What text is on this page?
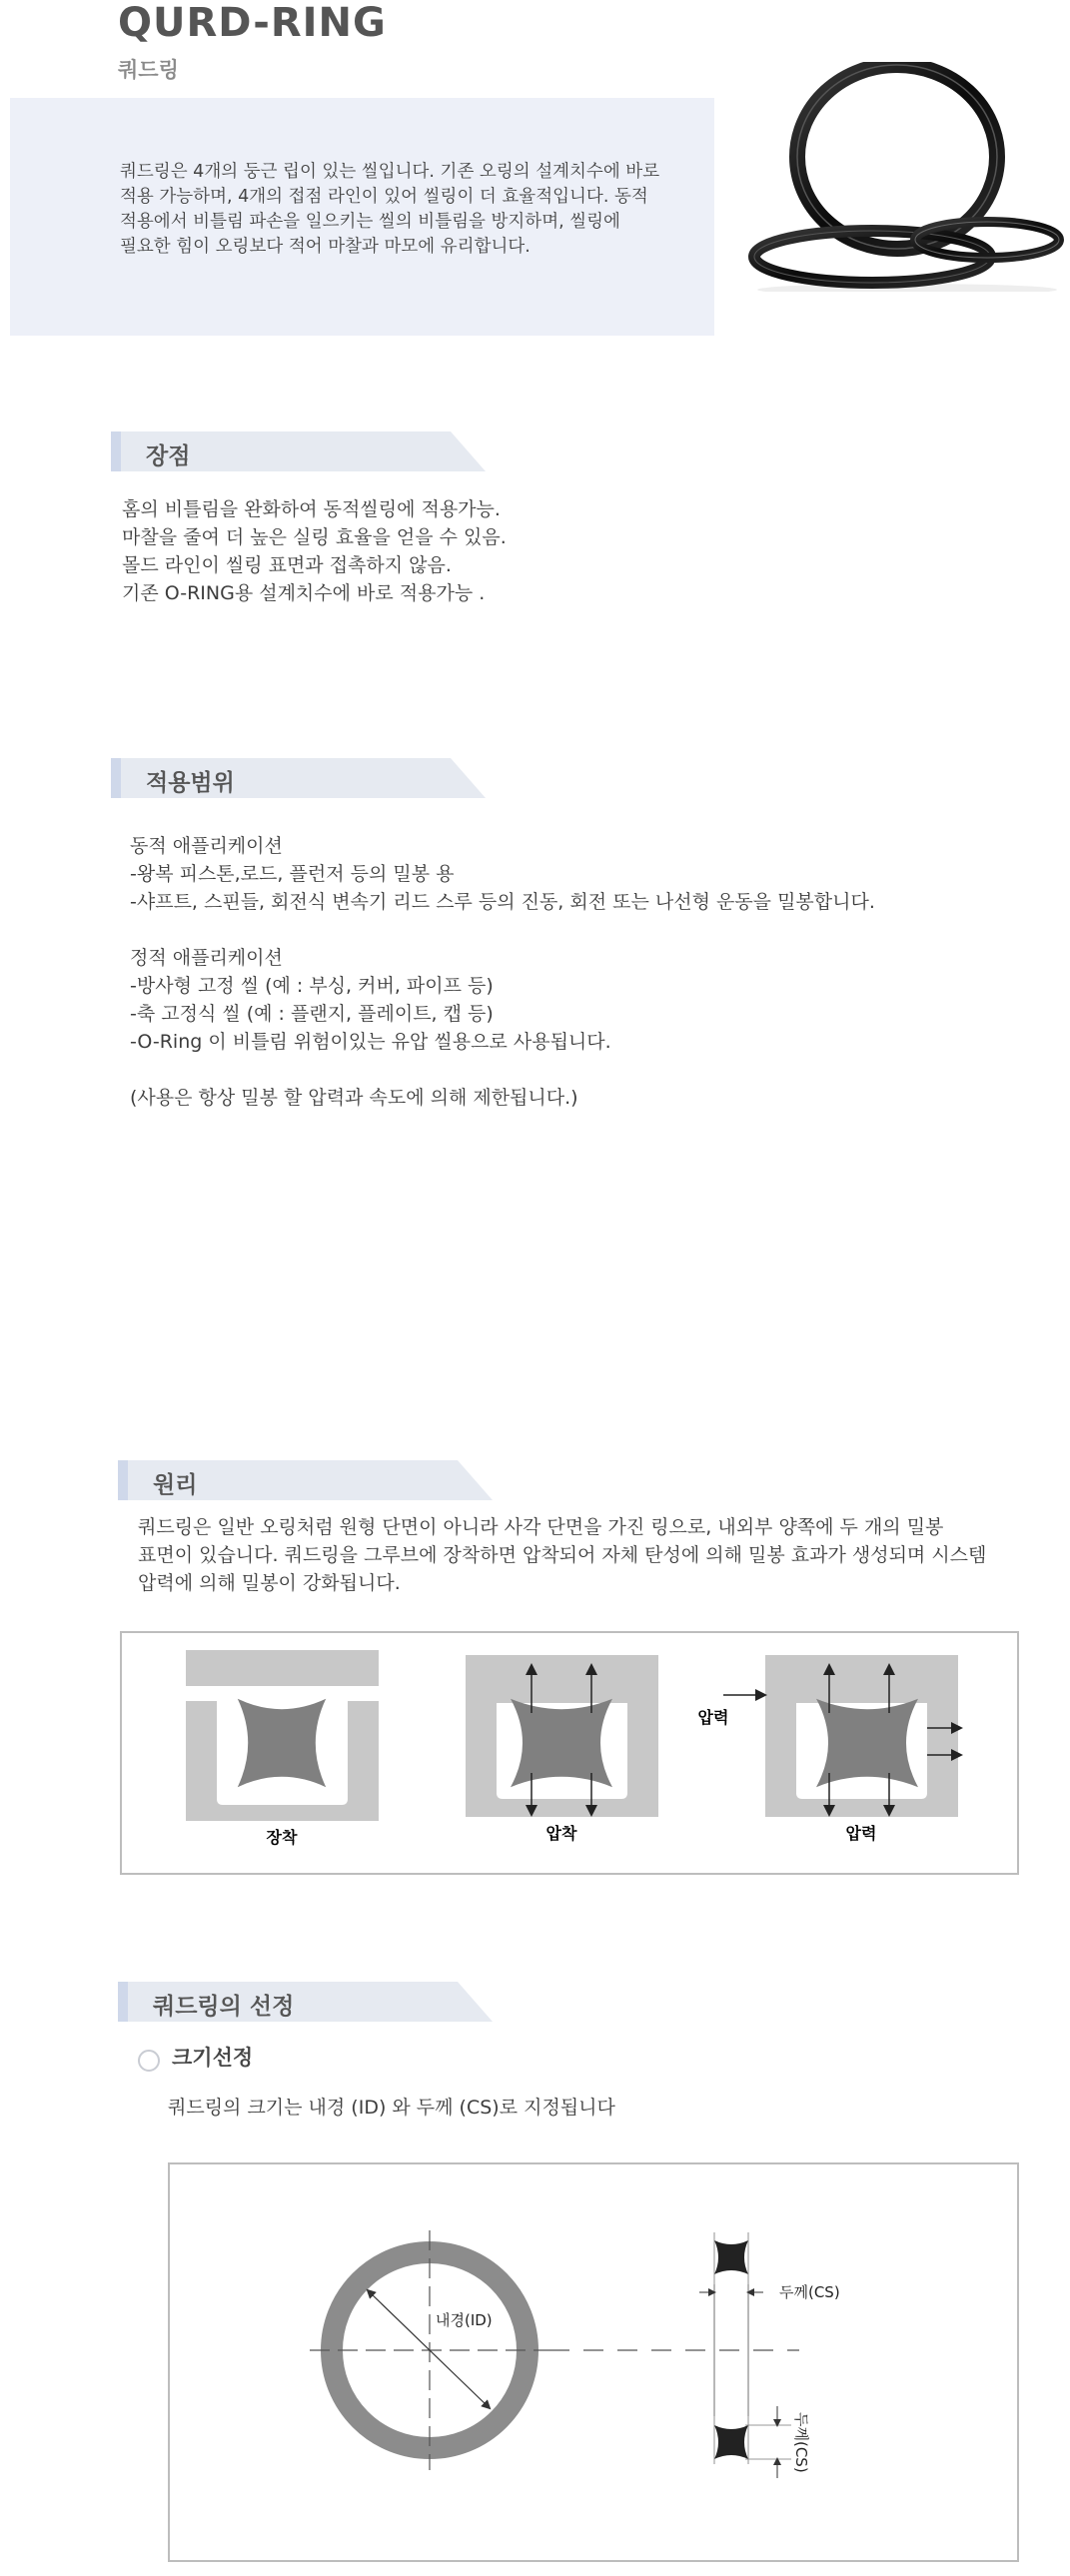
QURD-RING
쿼드링
쿼드링은 4개의 둥근 립이 있는 씰입니다. 기존 오링의 설계치수에 바로
적용 가능하며, 4개의 접점 라인이 있어 씰링이 더 효율적입니다. 동적
적용에서 비틀림 파손을 일으키는 씰의 비틀림을 방지하며, 씰링에
필요한 힘이 오링보다 적어 마찰과 마모에 유리합니다.
장점
홈의 비틀림을 완화하여 동적씰링에 적용가능.
마찰을 줄여 더 높은 실링 효율을 얻을 수 있음.
몰드 라인이 씰링 표면과 접촉하지 않음.
기존 O-RING용 설계치수에 바로 적용가능 .
적용범위
동적 애플리케이션
-왕복 피스톤,로드, 플런저 등의 밀봉 용
-샤프트, 스핀들, 회전식 변속기 리드 스루 등의 진동, 회전 또는 나선형 운동을 밀봉합니다.
정적 애플리케이션
-방사형 고정 씰 (예 : 부싱, 커버, 파이프 등)
-축 고정식 씰 (예 : 플랜지, 플레이트, 캡 등)
-O-Ring 이 비틀림 위험이있는 유압 씰용으로 사용됩니다.
(사용은 항상 밀봉 할 압력과 속도에 의해 제한됩니다.)
원리
쿼드링은 일반 오링처럼 원형 단면이 아니라 사각 단면을 가진 링으로, 내외부 양쪽에 두 개의 밀봉
표면이 있습니다. 쿼드링을 그루브에 장착하면 압착되어 자체 탄성에 의해 밀봉 효과가 생성되며 시스템
압력에 의해 밀봉이 강화됩니다.
장착	압착
압력
압력
쿼드링의 선정
크기선정
쿼드링의 크기는 내경 (ID) 와 두께 (CS)로 지정됩니다
내경(ID)
두께(CS)
두께(CS)
